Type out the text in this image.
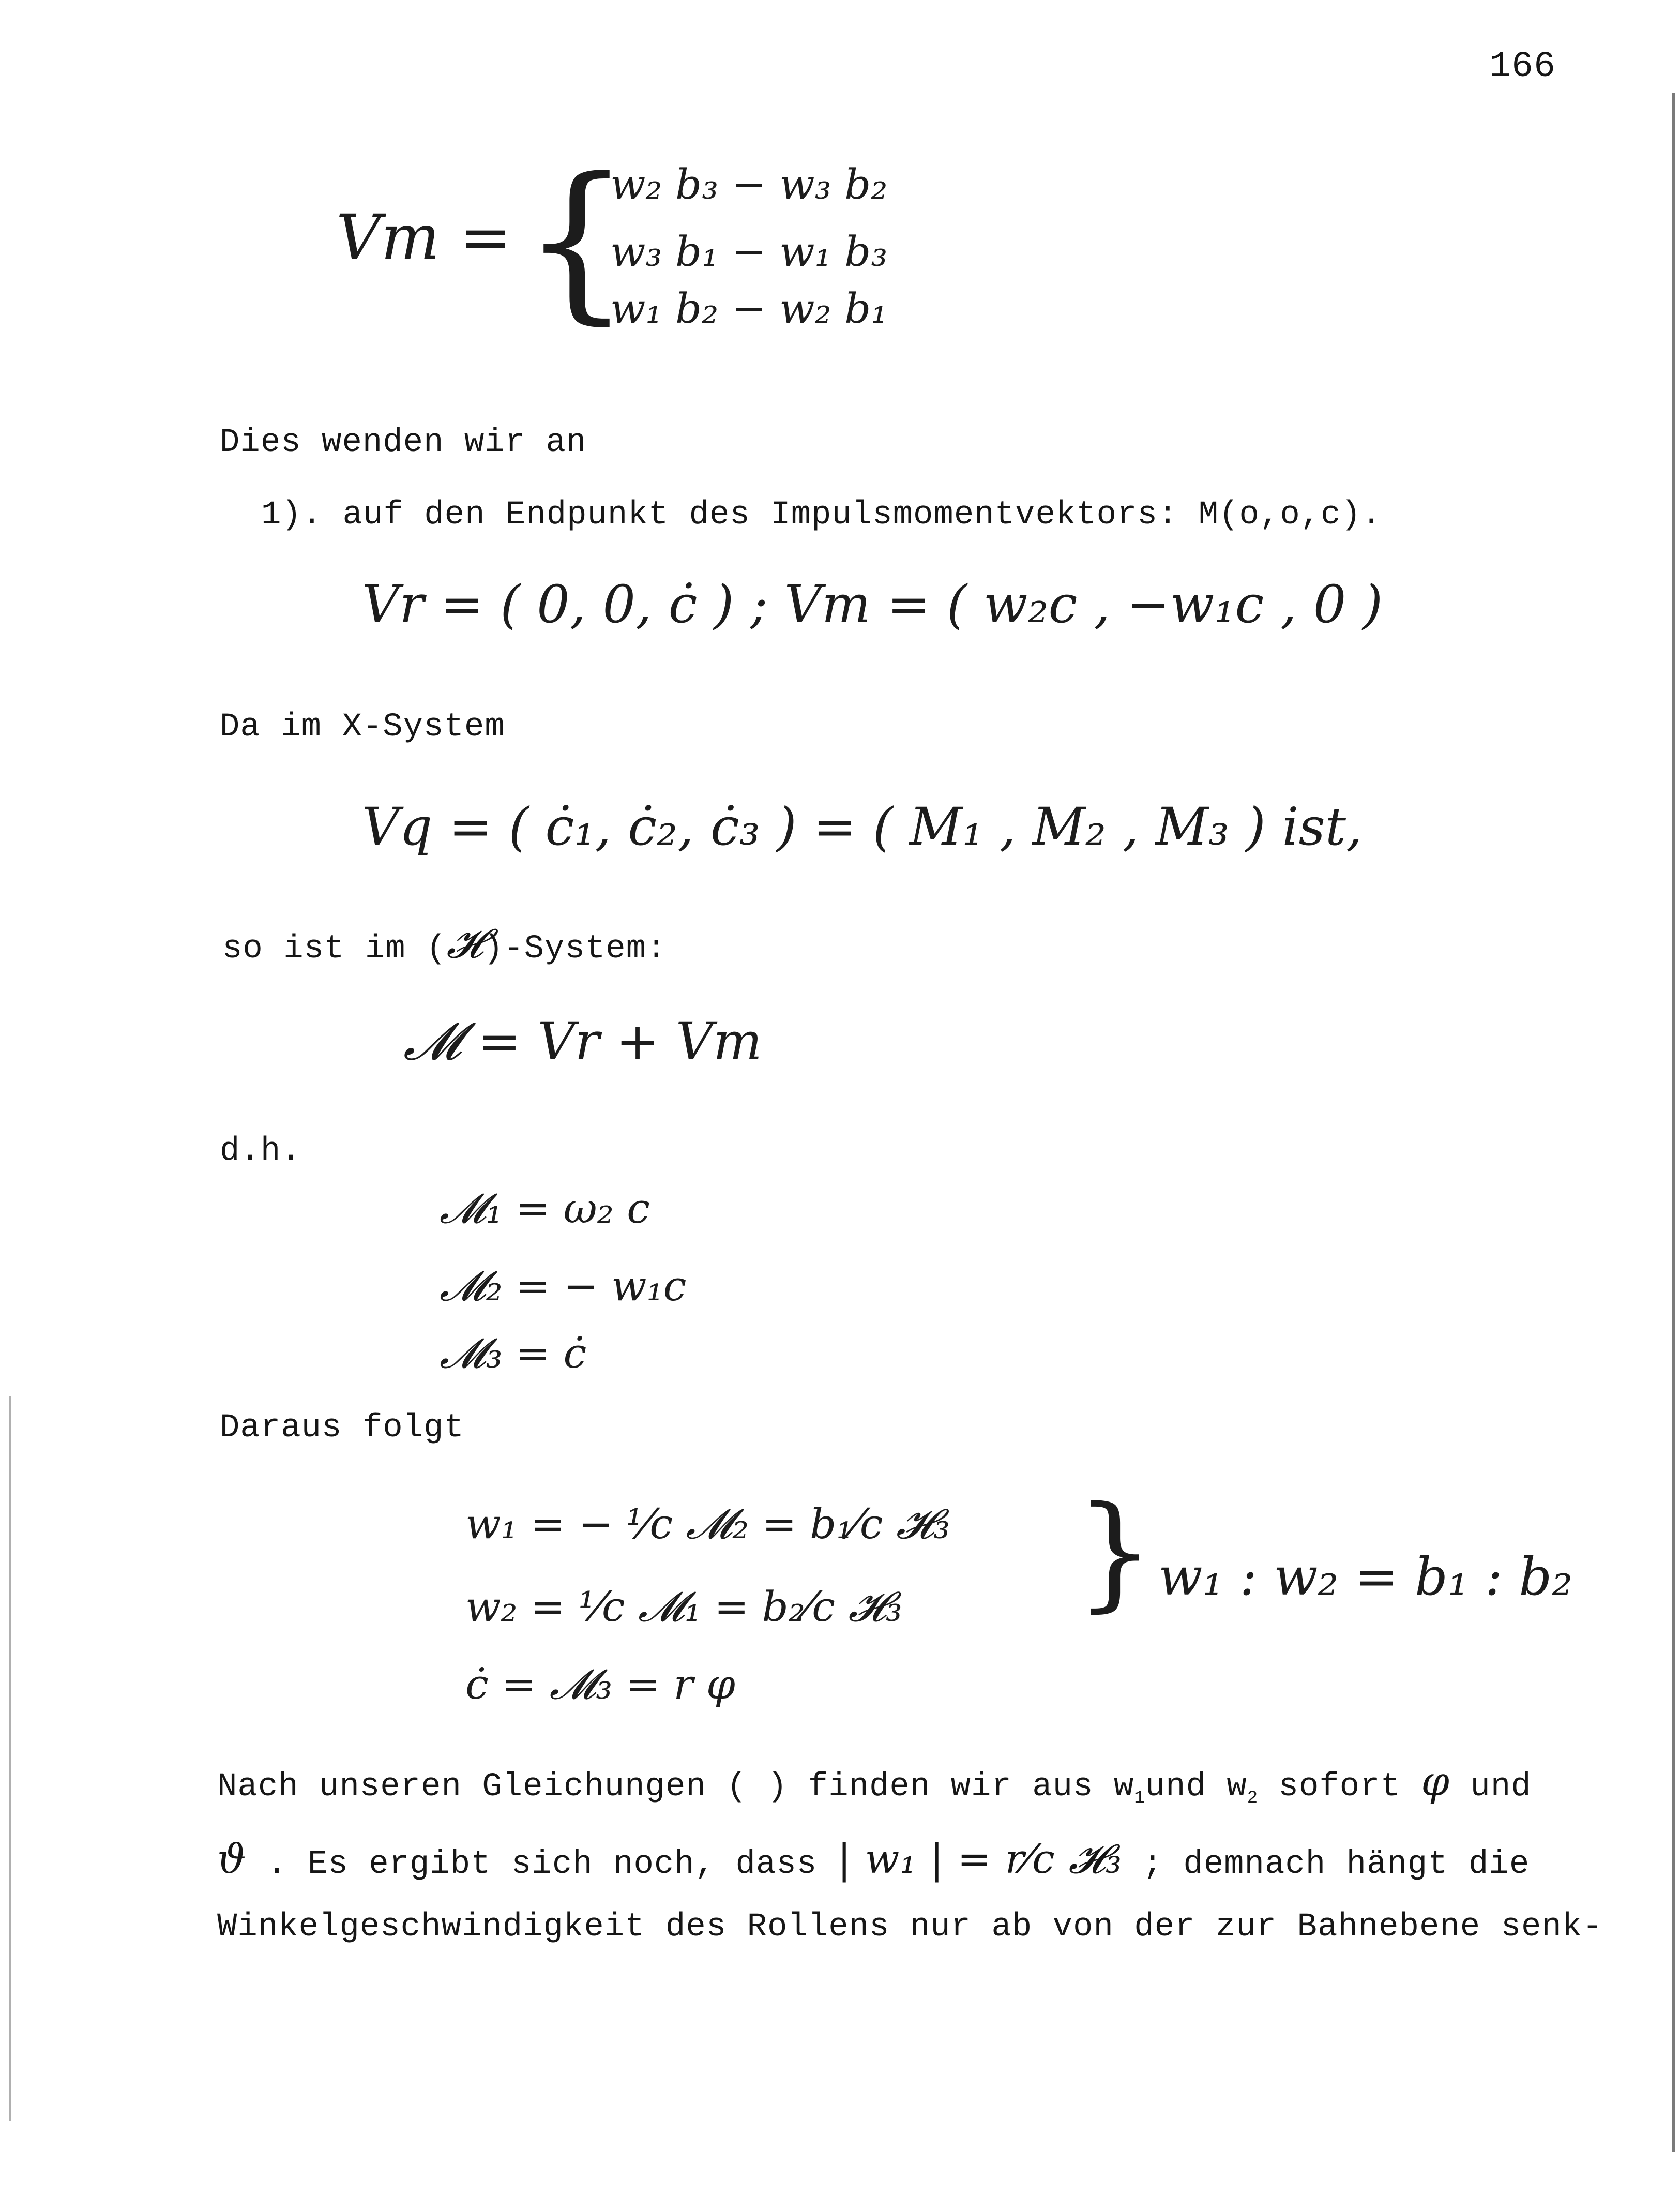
166
Vm = {
w₂ b₃ − w₃ b₂
w₃ b₁ − w₁ b₃
w₁ b₂ − w₂ b₁
Dies wenden wir an
1). auf den Endpunkt des Impulsmomentvektors: M(o,o,c).
Vr = ( 0, 0, ċ ) ; Vm = ( w₂c , −w₁c , 0 )
Da im X-System
Vq = ( ċ₁, ċ₂, ċ₃ ) = ( M₁ , M₂ , M₃ ) ist,
so ist im (𝓗)-System:
𝓜 = Vr + Vm
d.h.
𝓜₁ = ω₂ c
𝓜₂ = − w₁c
𝓜₃ = ċ
Daraus folgt
w₁ = − ¹⁄c 𝓜₂ = b₁⁄c 𝓗₃
w₂ = ¹⁄c 𝓜₁ = b₂⁄c 𝓗₃
ċ = 𝓜₃ = r φ
} w₁ : w₂ = b₁ : b₂
Nach unseren Gleichungen ( ) finden wir aus $w_1und$ $w_2$ sofort φ und
ϑ . Es ergibt sich noch, dass | w₁ | = r⁄c 𝓗₃ ; demnach hängt die
Winkelgeschwindigkeit des Rollens nur ab von der zur Bahnebene senk-
